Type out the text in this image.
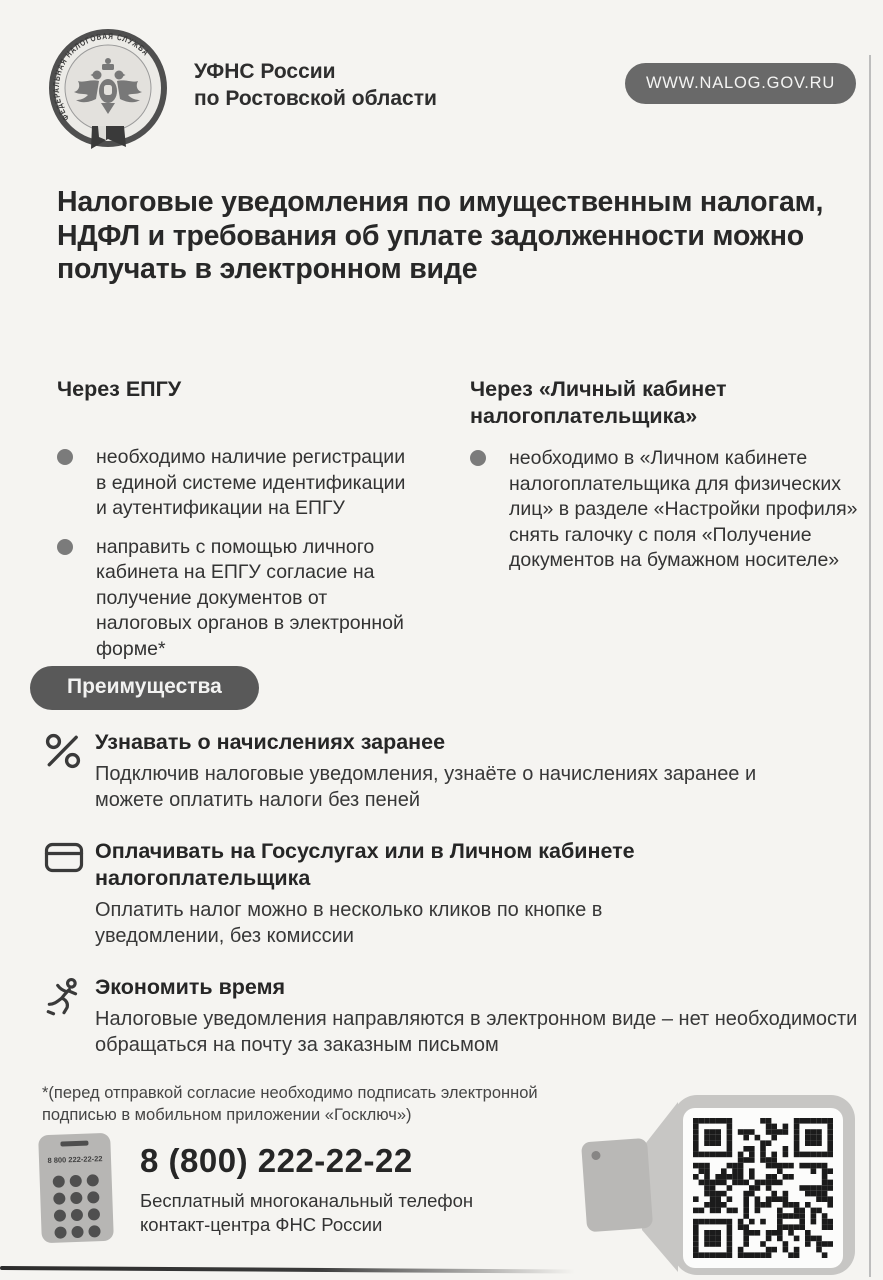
ФЕДЕРАЛЬНАЯ НАЛОГОВАЯ СЛУЖБА
УФНС России
по Ростовской области
WWW.NALOG.GOV.RU
Налоговые уведомления по имущественным налогам, НДФЛ и требования об уплате задолженности можно получать в электронном виде
Через ЕПГУ

необходимо наличие регистрации в единой системе идентификации и аутентификации на ЕПГУ

направить с помощью личного кабинета на ЕПГУ согласие на получение документов от налоговых органов в электронной форме*

Через «Личный кабинет налогоплательщика»

необходимо в «Личном кабинете налогоплательщика для физических лиц» в разделе «Настройки профиля» снять галочку с поля «Получение документов на бумажном носителе»

Преимущества
Узнавать о начислениях заранее

Подключив налоговые уведомления, узнаёте о начислениях заранее и можете оплатить налоги без пеней

Оплачивать на Госуслугах или в Личном кабинете налогоплательщика

Оплатить налог можно в несколько кликов по кнопке в уведомлении, без комиссии

Экономить время

Налоговые уведомления направляются в электронном виде – нет необходимости обращаться на почту за заказным письмом

*(перед отправкой согласие необходимо подписать электронной подписью в мобильном приложении «Госключ»)

8 800 222-22-22 8 (800) 222-22-22
Бесплатный многоканальный телефон
контакт-центра ФНС России
